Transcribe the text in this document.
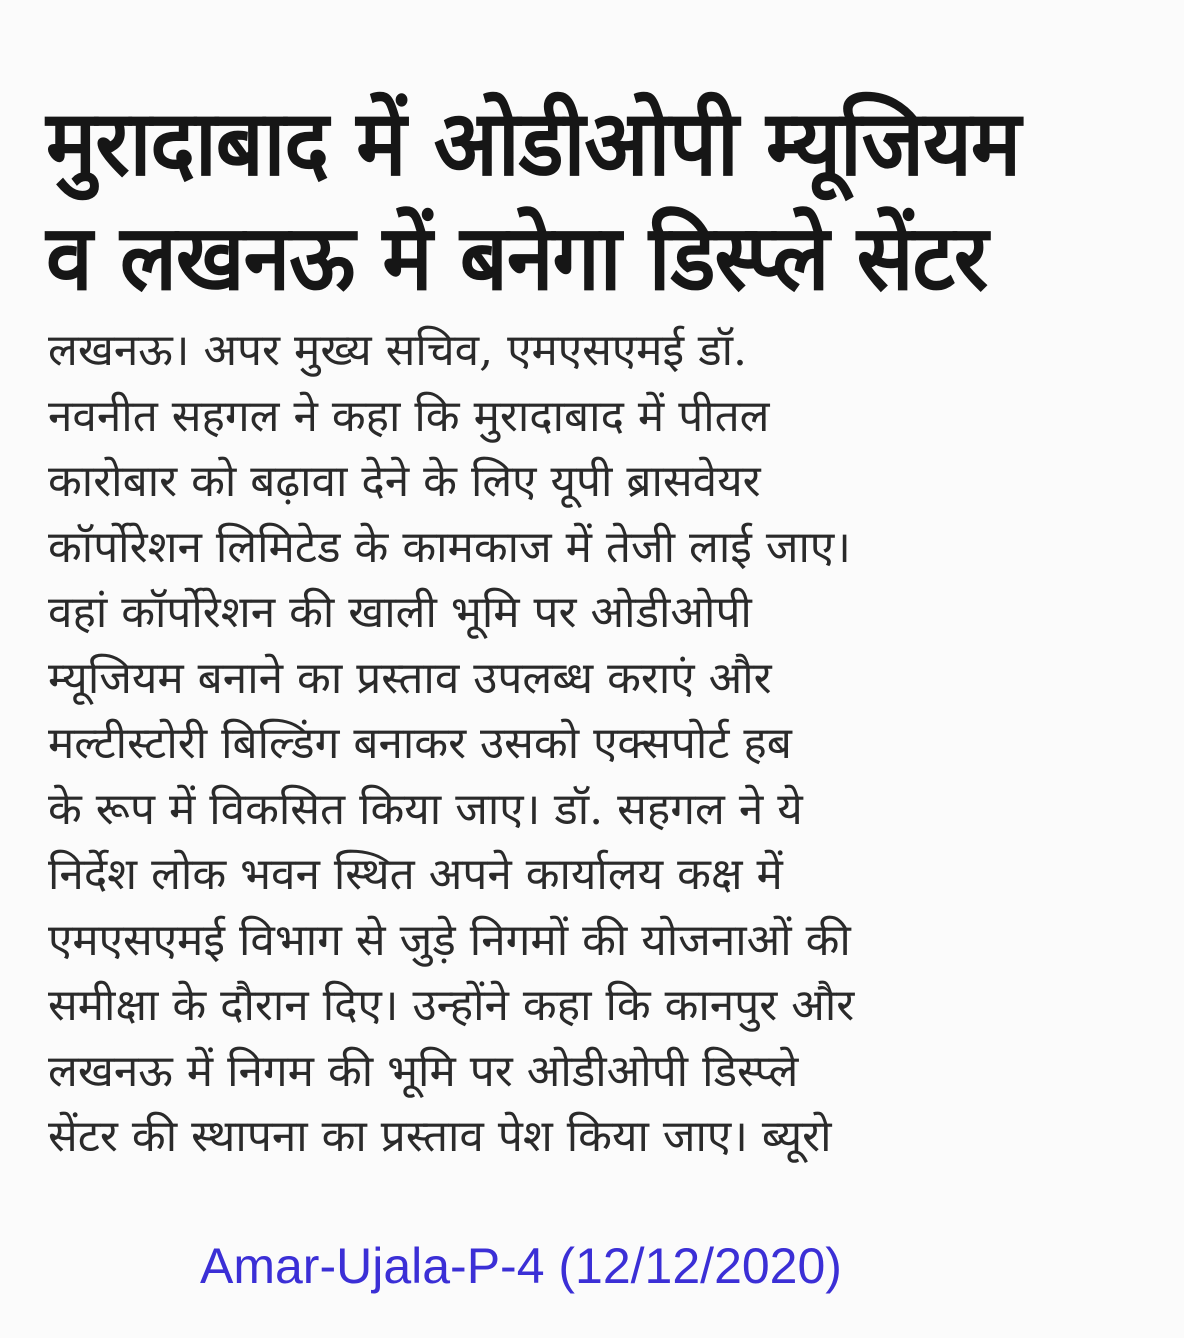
मुरादाबाद में ओडीओपी म्यूजियम
व लखनऊ में बनेगा डिस्प्ले सेंटर
लखनऊ। अपर मुख्य सचिव, एमएसएमई डॉ.
नवनीत सहगल ने कहा कि मुरादाबाद में पीतल
कारोबार को बढ़ावा देने के लिए यूपी ब्रासवेयर
कॉर्पोरेशन लिमिटेड के कामकाज में तेजी लाई जाए।
वहां कॉर्पोरेशन की खाली भूमि पर ओडीओपी
म्यूजियम बनाने का प्रस्ताव उपलब्ध कराएं और
मल्टीस्टोरी बिल्डिंग बनाकर उसको एक्सपोर्ट हब
के रूप में विकसित किया जाए। डॉ. सहगल ने ये
निर्देश लोक भवन स्थित अपने कार्यालय कक्ष में
एमएसएमई विभाग से जुड़े निगमों की योजनाओं की
समीक्षा के दौरान दिए। उन्होंने कहा कि कानपुर और
लखनऊ में निगम की भूमि पर ओडीओपी डिस्प्ले
सेंटर की स्थापना का प्रस्ताव पेश किया जाए। ब्यूरो

Amar-Ujala-P-4 (12/12/2020)
